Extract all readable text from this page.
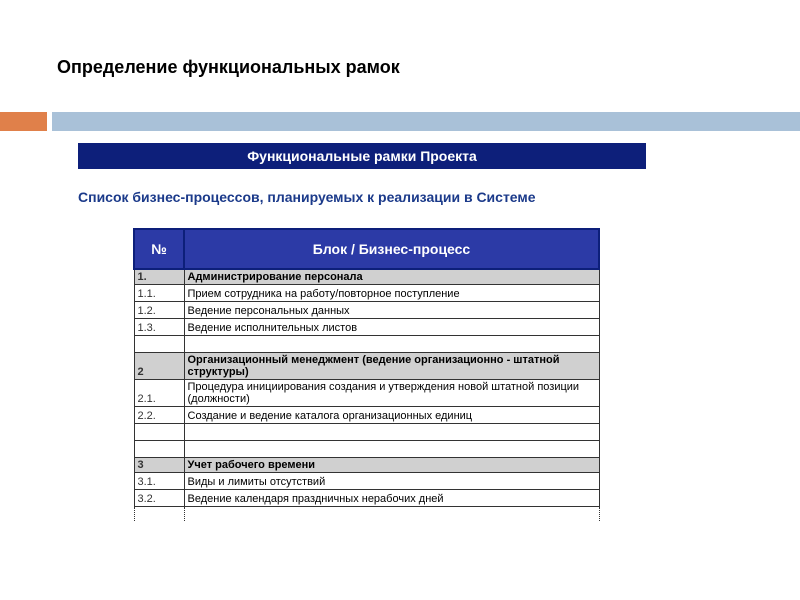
Определение функциональных рамок
Функциональные рамки Проекта
Список бизнес-процессов, планируемых к реализации в Системе
№	Блок / Бизнес-процесс
1.	Администрирование персонала
1.1.	Прием сотрудника на работу/повторное поступление
1.2.	Ведение персональных данных
1.3.	Ведение исполнительных листов

2	Организационный менеджмент (ведение организационно - штатной структуры)
2.1.	Процедура инициирования создания и утверждения новой штатной позиции (должности)
2.2.	Создание и ведение каталога организационных единиц

3	Учет рабочего времени
3.1.	Виды и лимиты отсутствий
3.2.	Ведение календаря праздничных нерабочих дней
